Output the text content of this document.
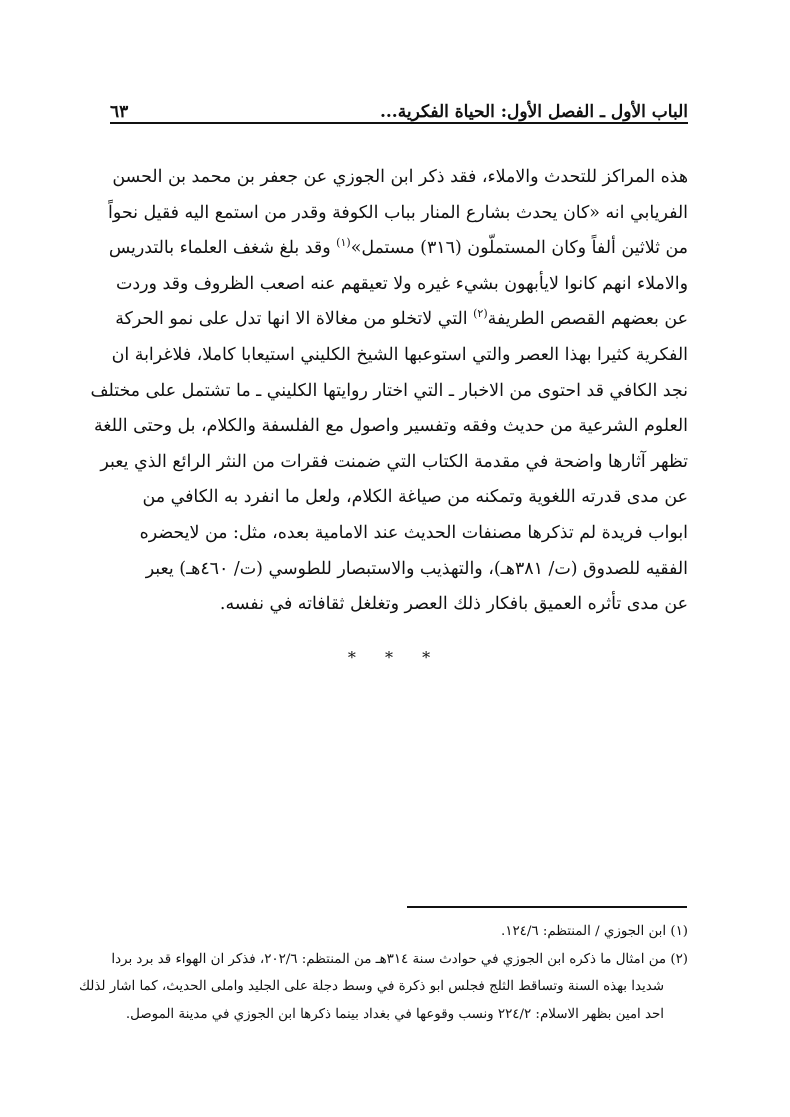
الباب الأول ـ الفصل الأول: الحياة الفكرية...
٦٣
هذه المراكز للتحدث والاملاء، فقد ذكر ابن الجوزي عن جعفر بن محمد بن الحسن
الفريابي انه «كان يحدث بشارع المنار بباب الكوفة وقدر من استمع اليه فقيل نحواً
من ثلاثين ألفاً وكان المستملّون (٣١٦) مستمل»$^{(١)}$ وقد بلغ شغف العلماء بالتدريس
والاملاء انهم كانوا لايأبهون بشيء غيره ولا تعيقهم عنه اصعب الظروف وقد وردت
عن بعضهم القصص الطريفة$^{(٢)}$ التي لاتخلو من مغالاة الا انها تدل على نمو الحركة
الفكرية كثيرا بهذا العصر والتي استوعبها الشيخ الكليني استيعابا كاملا، فلاغرابة ان
نجد الكافي قد احتوى من الاخبار ـ التي اختار روايتها الكليني ـ ما تشتمل على مختلف
العلوم الشرعية من حديث وفقه وتفسير واصول مع الفلسفة والكلام، بل وحتى اللغة
تظهر آثارها واضحة في مقدمة الكتاب التي ضمنت فقرات من النثر الرائع الذي يعبر
عن مدى قدرته اللغوية وتمكنه من صياغة الكلام، ولعل ما انفرد به الكافي من
ابواب فريدة لم تذكرها مصنفات الحديث عند الامامية بعده، مثل: من لايحضره
الفقيه للصدوق (ت/ ٣٨١هـ)، والتهذيب والاستبصار للطوسي (ت/ ٤٦٠هـ) يعبر
عن مدى تأثره العميق بافكار ذلك العصر وتغلغل ثقافاته في نفسه.
* * *
(١) ابن الجوزي / المنتظم: ١٢٤/٦.
(٢) من امثال ما ذكره ابن الجوزي في حوادث سنة ٣١٤هـ من المنتظم: ٢٠٢/٦، فذكر ان الهواء قد برد بردا
شديدا بهذه السنة وتساقط الثلج فجلس ابو ذكرة في وسط دجلة على الجليد واملى الحديث، كما اشار لذلك
احد امين بظهر الاسلام: ٢٢٤/٢ ونسب وقوعها في بغداد بينما ذكرها ابن الجوزي في مدينة الموصل.
